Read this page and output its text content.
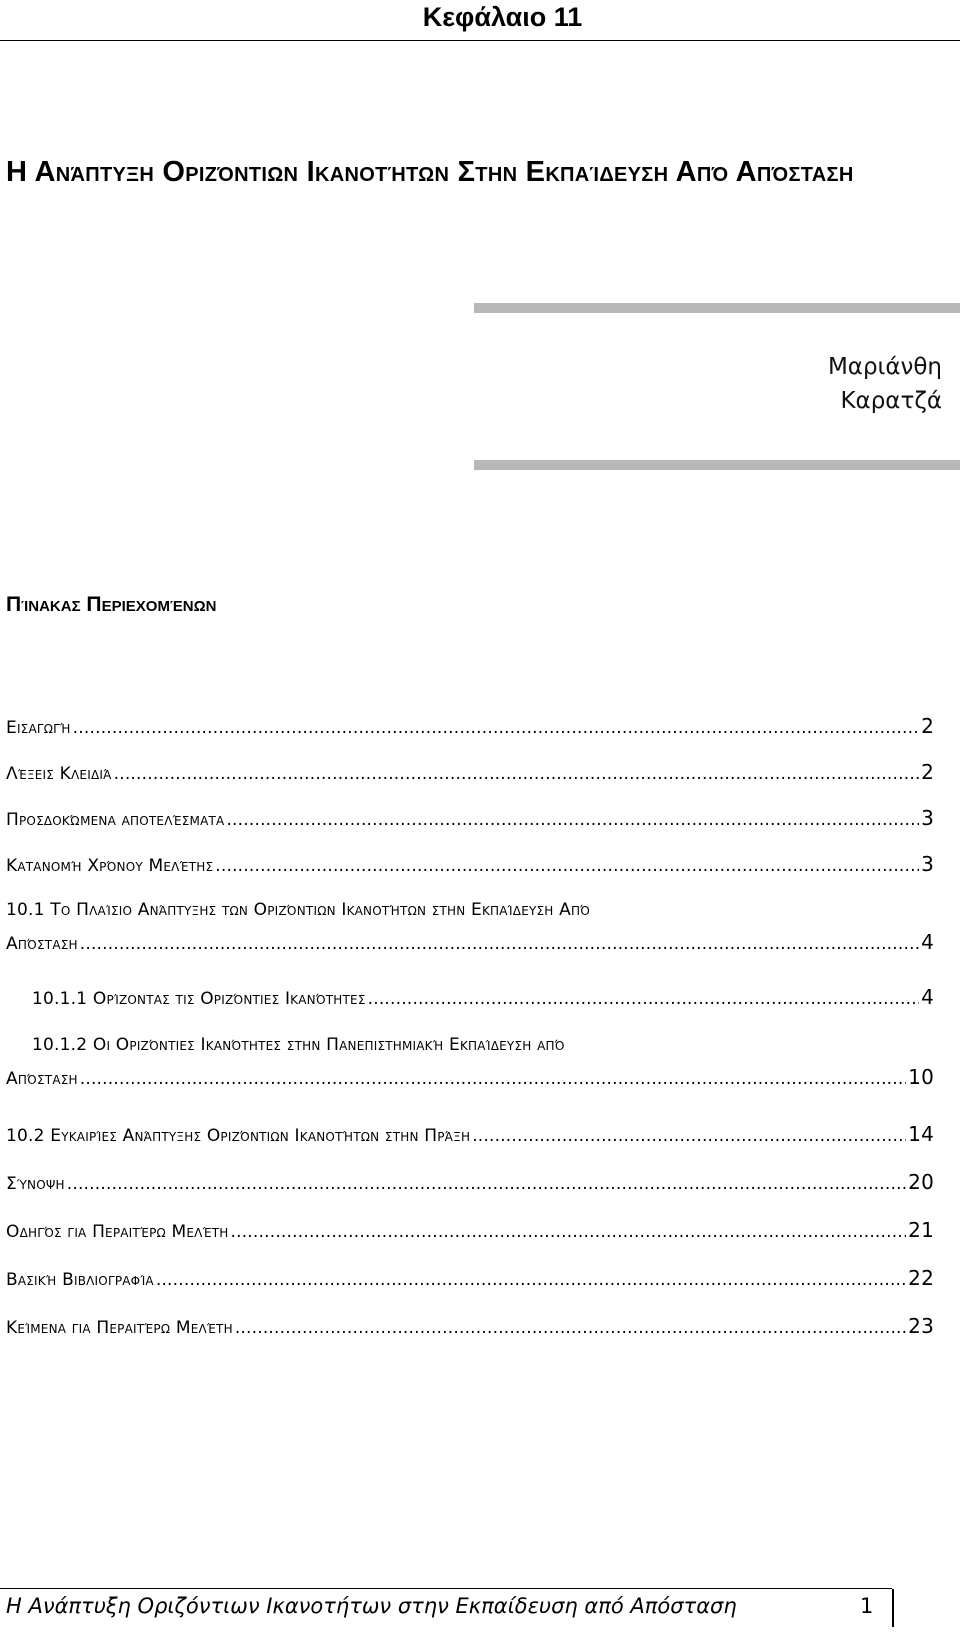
Κεφάλαιο 11
Η Ανάπτυξη Οριζόντιων Ικανοτήτων Στην Εκπαίδευση Από Απόσταση
Μαριάνθη
Καρατζά
Πίνακας Περιεχομένων
Εισαγωγή .....	2
Λέξεις Κλειδιά .....	2
Προσδοκώμενα αποτελέσματα .....	3
Κατανομή Χρόνου Μελέτης .....	3
10.1 Το Πλαίσιο Ανάπτυξης των Οριζόντιων Ικανοτήτων στην Εκπαίδευση Από
Απόσταση .....	4
10.1.1 Ορίζοντας τις Οριζόντιες Ικανότητες .....	4
10.1.2 Οι Οριζόντιες Ικανότητες στην Πανεπιστημιακή Εκπαίδευση από
Απόσταση .....	10
10.2 Ευκαιρίες Ανάπτυξης Οριζόντιων Ικανοτήτων στην Πράξη .....	14
Σύνοψη .....	20
Οδηγός για Περαιτέρω Μελέτη .....	21
Βασική Βιβλιογραφία .....	22
Κείμενα για Περαιτέρω Μελέτη .....	23
Η Ανάπτυξη Οριζόντιων Ικανοτήτων στην Εκπαίδευση από Απόσταση	1
